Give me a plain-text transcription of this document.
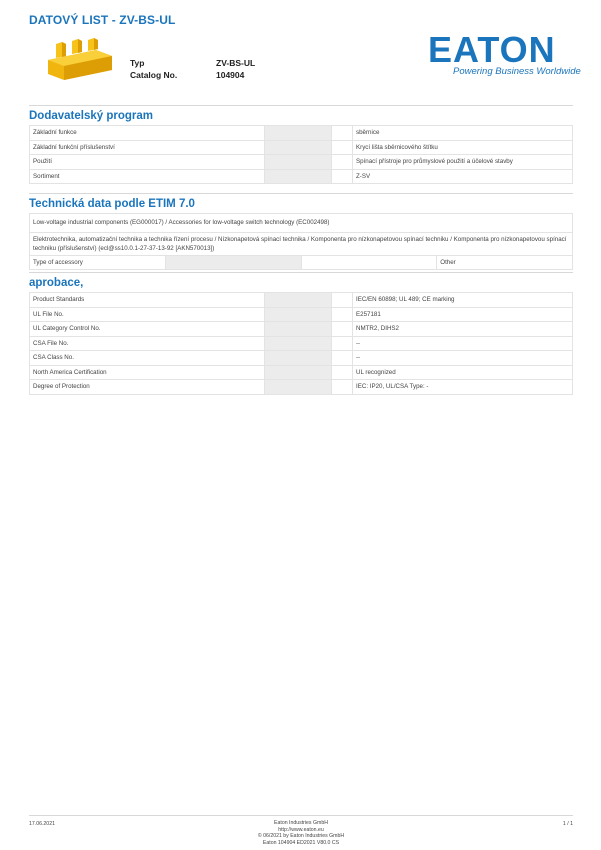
DATOVÝ LIST - ZV-BS-UL
Typ	ZV-BS-UL
Catalog No.	104904
EATON
Powering Business Worldwide
Dodavatelský program
Základní funkce			sběrnice
Základní funkční příslušenství			Krycí lišta sběrnicového štítku
Použití			Spínací přístroje pro průmyslové použití a účelové stavby
Sortiment			Z-SV
Technická data podle ETIM 7.0
Low-voltage industrial components (EG000017) / Accessories for low-voltage switch technology (EC002498)
Elektrotechnika, automatizační technika a technika řízení procesu / Nízkonapetová spínací technika / Komponenta pro nízkonapetovou spínací techniku / Komponenta pro nízkonapetovou spínací techniku (příslušenství) (ecl@ss10.0.1-27-37-13-92 [AKN570013])
Type of accessory			Other
aprobace,
Product Standards			IEC/EN 60898; UL 489; CE marking
UL File No.			E257181
UL Category Control No.			NMTR2, DIHS2
CSA File No.			--
CSA Class No.			--
North America Certification			UL recognized
Degree of Protection			IEC: IP20, UL/CSA Type: -
17.06.2021	1 / 1
Eaton Industries GmbH
http://www.eaton.eu
© 06/2021 by Eaton Industries GmbH
Eaton 104904 ED2021 V80.0 CS
